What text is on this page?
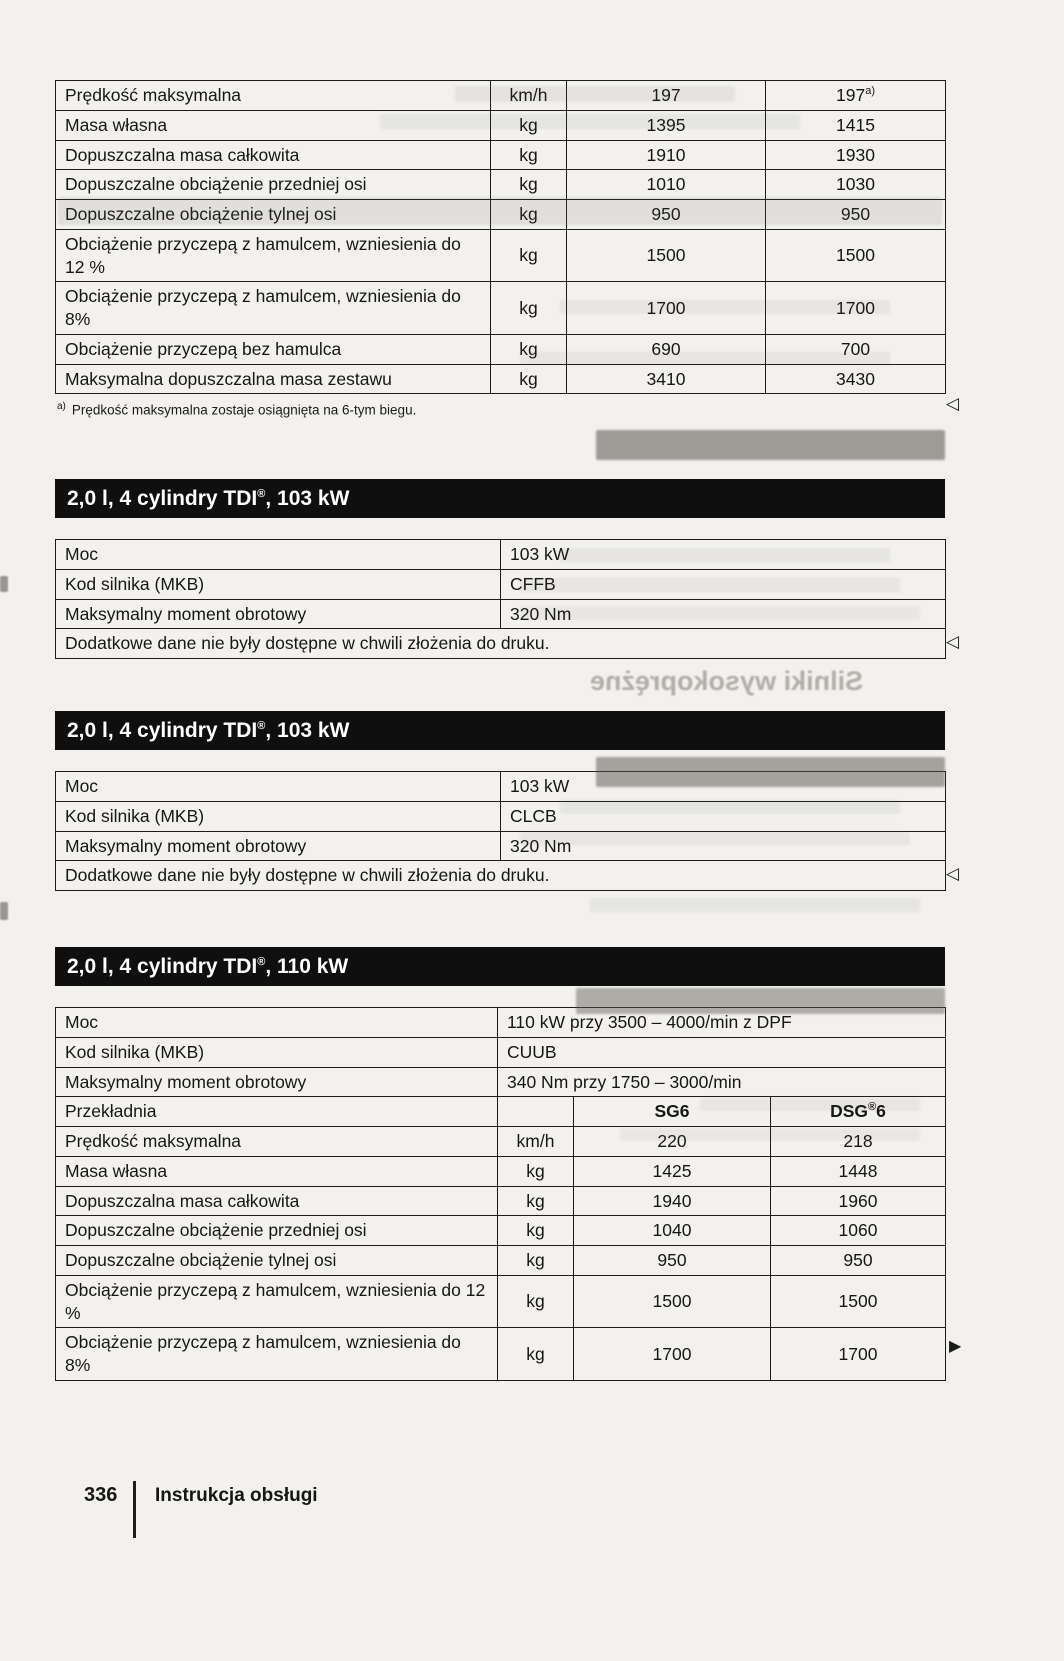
Prędkość maksymalna	km/h	197	197$^{a)}$
Masa własna	kg	1395	1415
Dopuszczalna masa całkowita	kg	1910	1930
Dopuszczalne obciążenie przedniej osi	kg	1010	1030
Dopuszczalne obciążenie tylnej osi	kg	950	950
Obciążenie przyczepą z hamulcem, wzniesienia do 12 %	kg	1500	1500
Obciążenie przyczepą z hamulcem, wzniesienia do 8%	kg	1700	1700
Obciążenie przyczepą bez hamulca	kg	690	700
Maksymalna dopuszczalna masa zestawu	kg	3410	3430
$^{a)}$ Prędkość maksymalna zostaje osiągnięta na 6-tym biegu.	◁
2,0 l, 4 cylindry TDI®, 103 kW
Moc	103 kW
Kod silnika (MKB)	CFFB
Maksymalny moment obrotowy	320 Nm
Dodatkowe dane nie były dostępne w chwili złożenia do druku.		◁
2,0 l, 4 cylindry TDI®, 103 kW
Moc	103 kW
Kod silnika (MKB)	CLCB
Maksymalny moment obrotowy	320 Nm
Dodatkowe dane nie były dostępne w chwili złożenia do druku.		◁
2,0 l, 4 cylindry TDI®, 110 kW
Moc	110 kW przy 3500 – 4000/min z DPF		
Kod silnika (MKB)	CUUB		
Maksymalny moment obrotowy	340 Nm przy 1750 – 3000/min		
Przekładnia		SG6	DSG®6
Prędkość maksymalna	km/h	220	218
Masa własna	kg	1425	1448
Dopuszczalna masa całkowita	kg	1940	1960
Dopuszczalne obciążenie przedniej osi	kg	1040	1060
Dopuszczalne obciążenie tylnej osi	kg	950	950
Obciążenie przyczepą z hamulcem, wzniesienia do 12 %	kg	1500	1500
Obciążenie przyczepą z hamulcem, wzniesienia do 8%	kg	1700	1700	▶
336 Instrukcja obsługi
Silniki wysokoprężne
